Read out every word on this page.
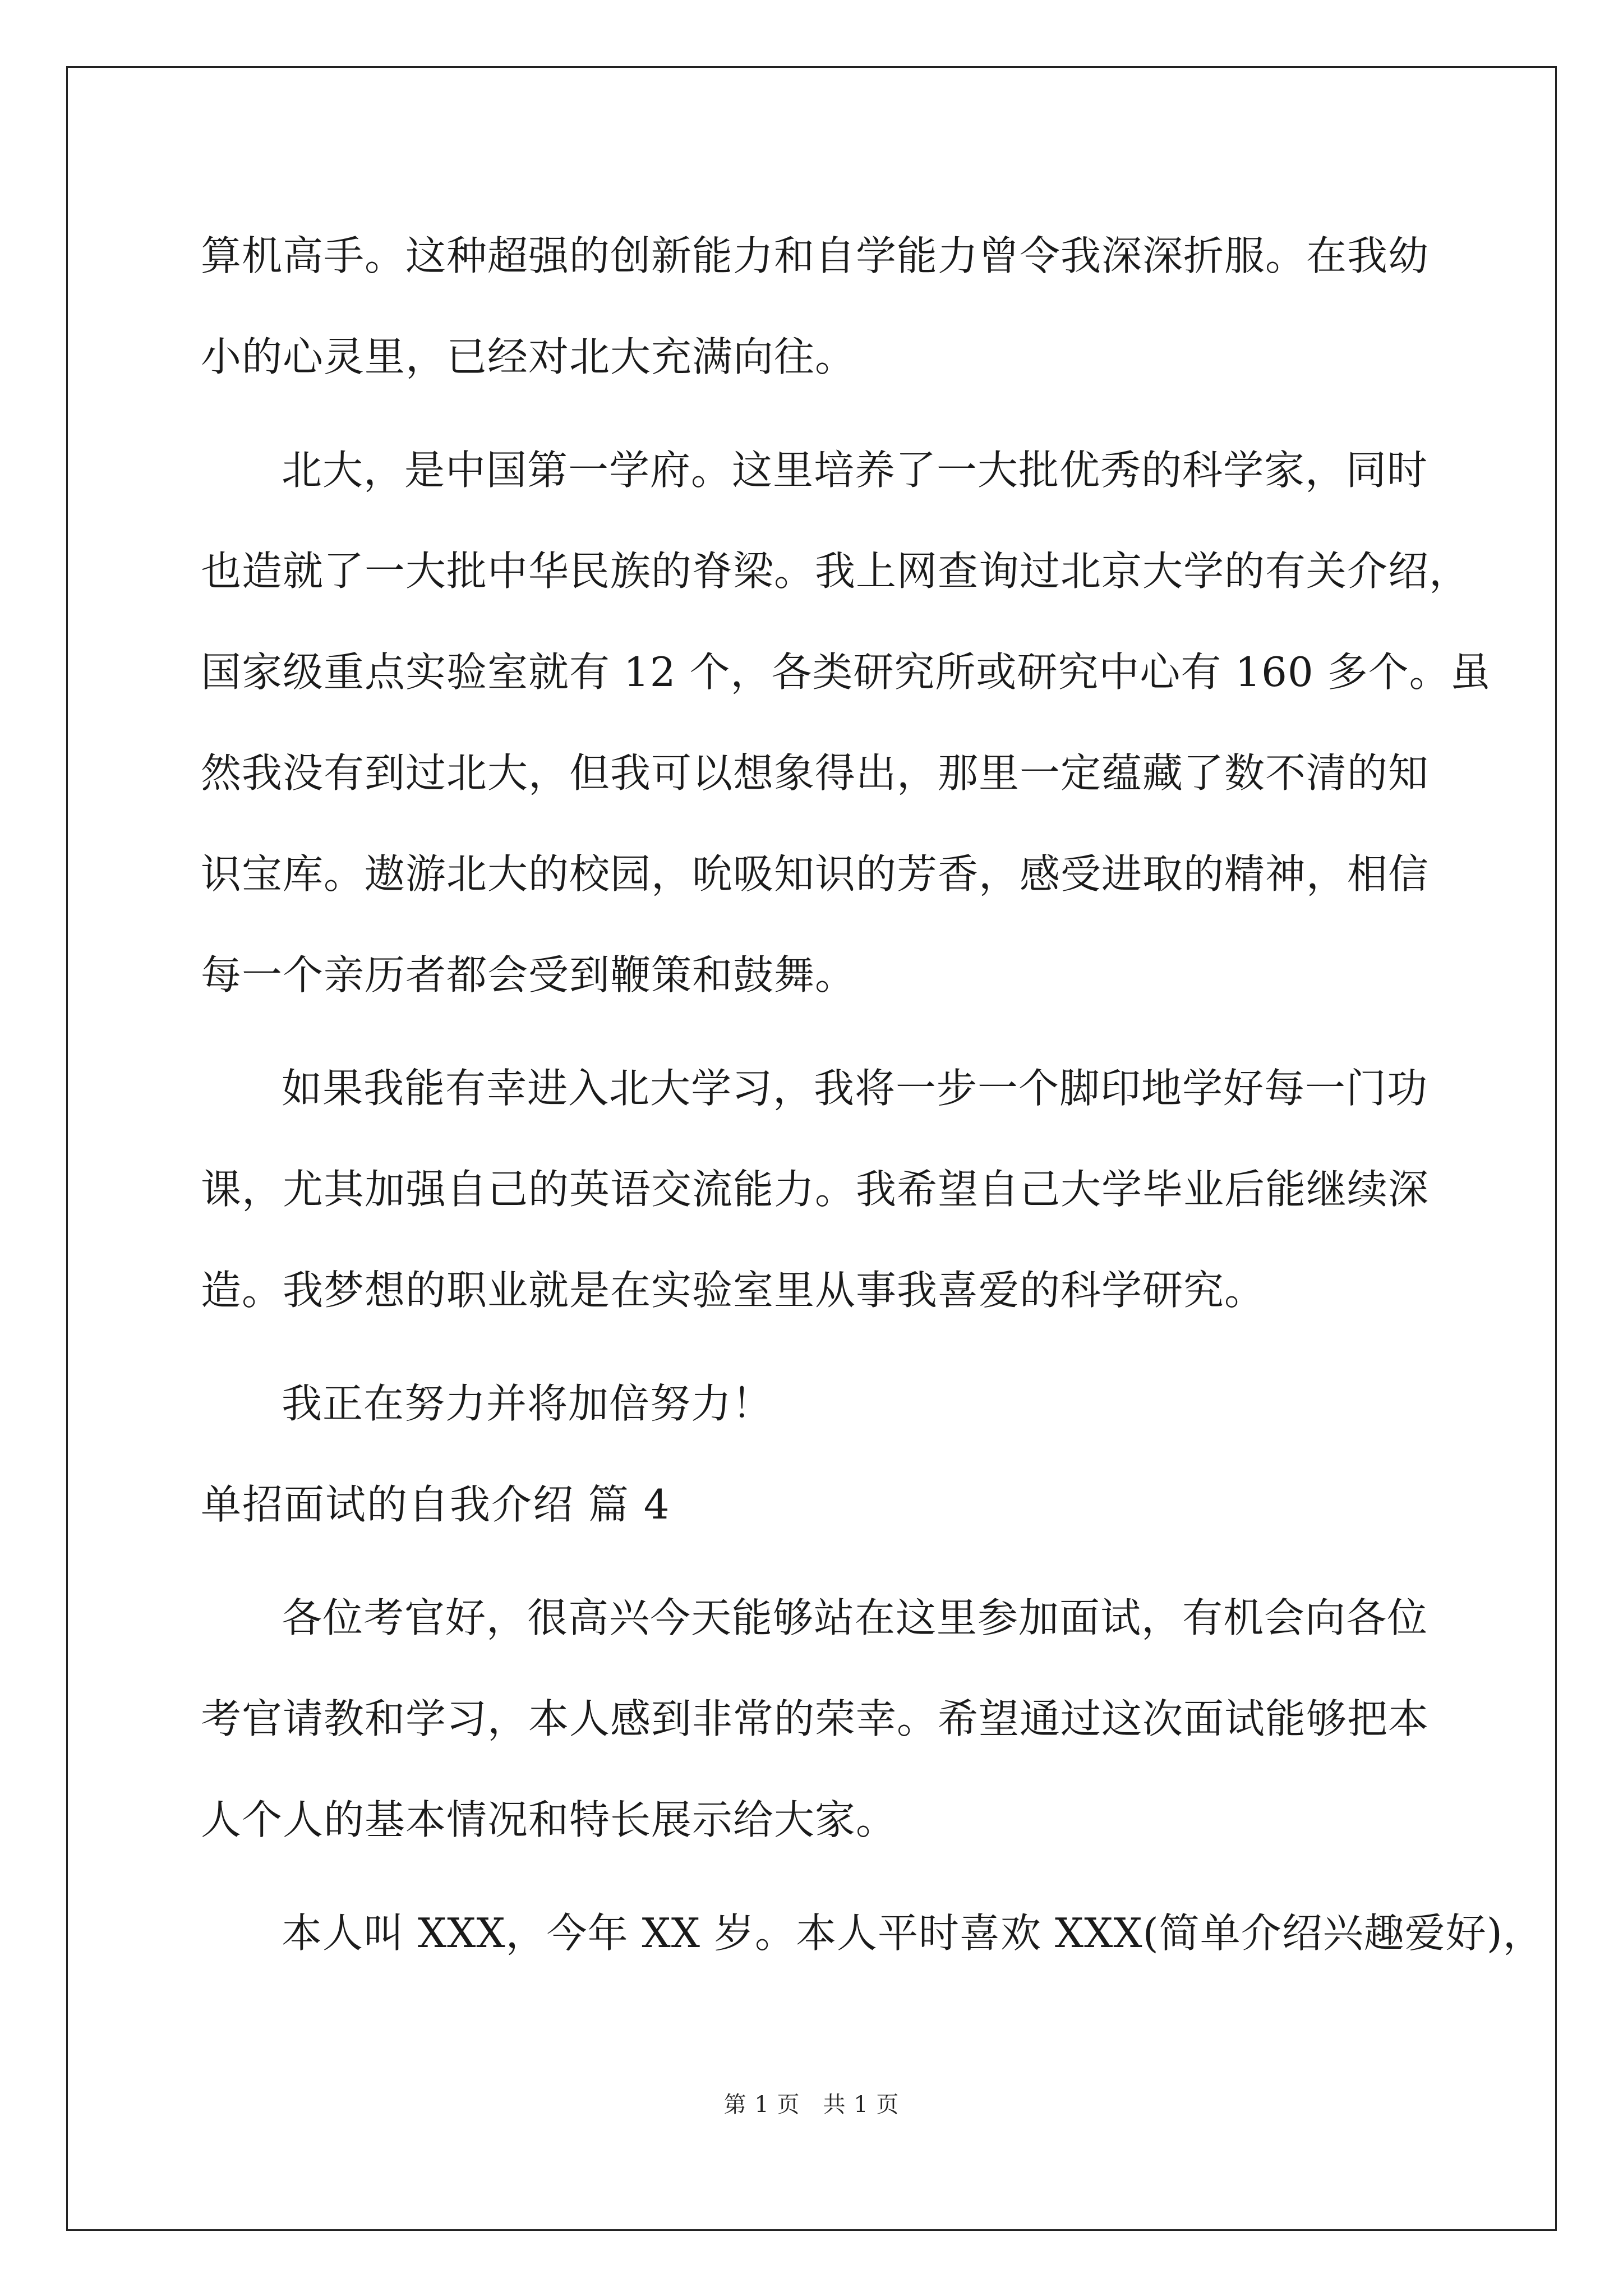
算机高手。这种超强的创新能力和自学能力曾令我深深折服。在我幼
小的心灵里，已经对北大充满向往。
北大，是中国第一学府。这里培养了一大批优秀的科学家，同时
也造就了一大批中华民族的脊梁。我上网查询过北京大学的有关介绍，
国家级重点实验室就有 12 个，各类研究所或研究中心有 160 多个。虽
然我没有到过北大，但我可以想象得出，那里一定蕴藏了数不清的知
识宝库。遨游北大的校园，吮吸知识的芳香，感受进取的精神，相信
每一个亲历者都会受到鞭策和鼓舞。
如果我能有幸进入北大学习，我将一步一个脚印地学好每一门功
课，尤其加强自己的英语交流能力。我希望自己大学毕业后能继续深
造。我梦想的职业就是在实验室里从事我喜爱的科学研究。
我正在努力并将加倍努力！
单招面试的自我介绍 篇 4
各位考官好，很高兴今天能够站在这里参加面试，有机会向各位
考官请教和学习，本人感到非常的荣幸。希望通过这次面试能够把本
人个人的基本情况和特长展示给大家。
本人叫 XXX，今年 XX 岁。本人平时喜欢 XXX(简单介绍兴趣爱好)，
第 1 页　共 1 页
